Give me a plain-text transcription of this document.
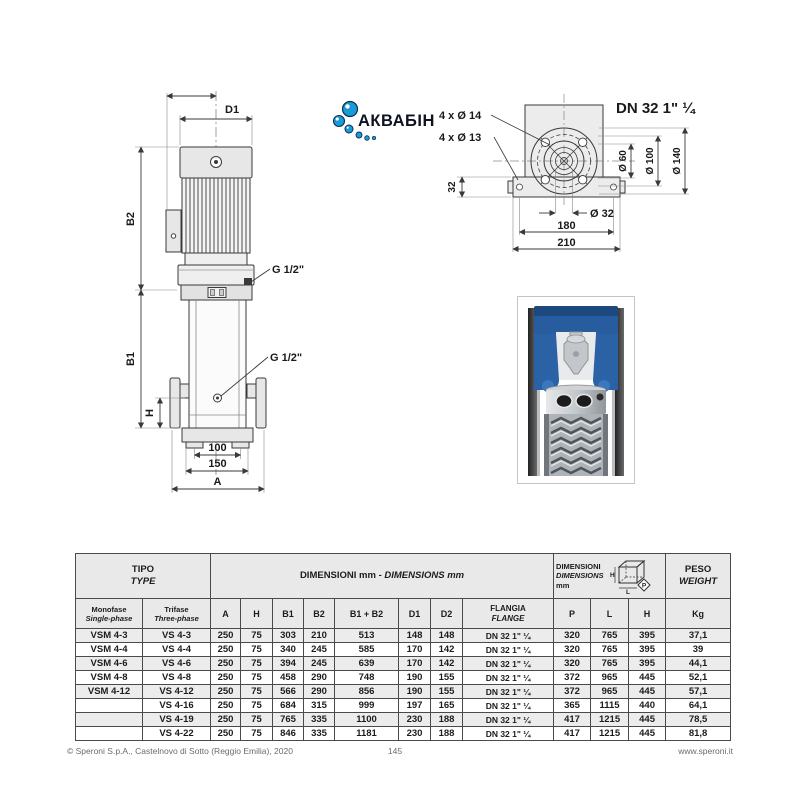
D1
B2
B1
H
G 1/2"
G 1/2"
100
150
A
АКВАБІН
DN 32 1" ¼
4 x Ø 14
4 x Ø 13
Ø 60 Ø 100 Ø 140
32
Ø 32
180
210
TIPO
TYPE

DIMENSIONI mm - DIMENSIONS mm

DIMENSIONI
DIMENSIONS
mm
H
L
P

PESO
WEIGHT

Monofase
Single-phase	Trifase
Three-phase	A	H	B1	B2	B1 + B2	D1	D2	FLANGIA
FLANGE	P	L	H	Kg
VSM 4-3	VS 4-3	250	75	303	210	513	148	148	DN 32 1" ¼	320	765	395	37,1
VSM 4-4	VS 4-4	250	75	340	245	585	170	142	DN 32 1" ¼	320	765	395	39
VSM 4-6	VS 4-6	250	75	394	245	639	170	142	DN 32 1" ¼	320	765	395	44,1
VSM 4-8	VS 4-8	250	75	458	290	748	190	155	DN 32 1" ¼	372	965	445	52,1
VSM 4-12	VS 4-12	250	75	566	290	856	190	155	DN 32 1" ¼	372	965	445	57,1
	VS 4-16	250	75	684	315	999	197	165	DN 32 1" ¼	365	1115	440	64,1
	VS 4-19	250	75	765	335	1100	230	188	DN 32 1" ¼	417	1215	445	78,5
	VS 4-22	250	75	846	335	1181	230	188	DN 32 1" ¼	417	1215	445	81,8
© Speroni S.p.A., Castelnovo di Sotto (Reggio Emilia), 2020	145	www.speroni.it
